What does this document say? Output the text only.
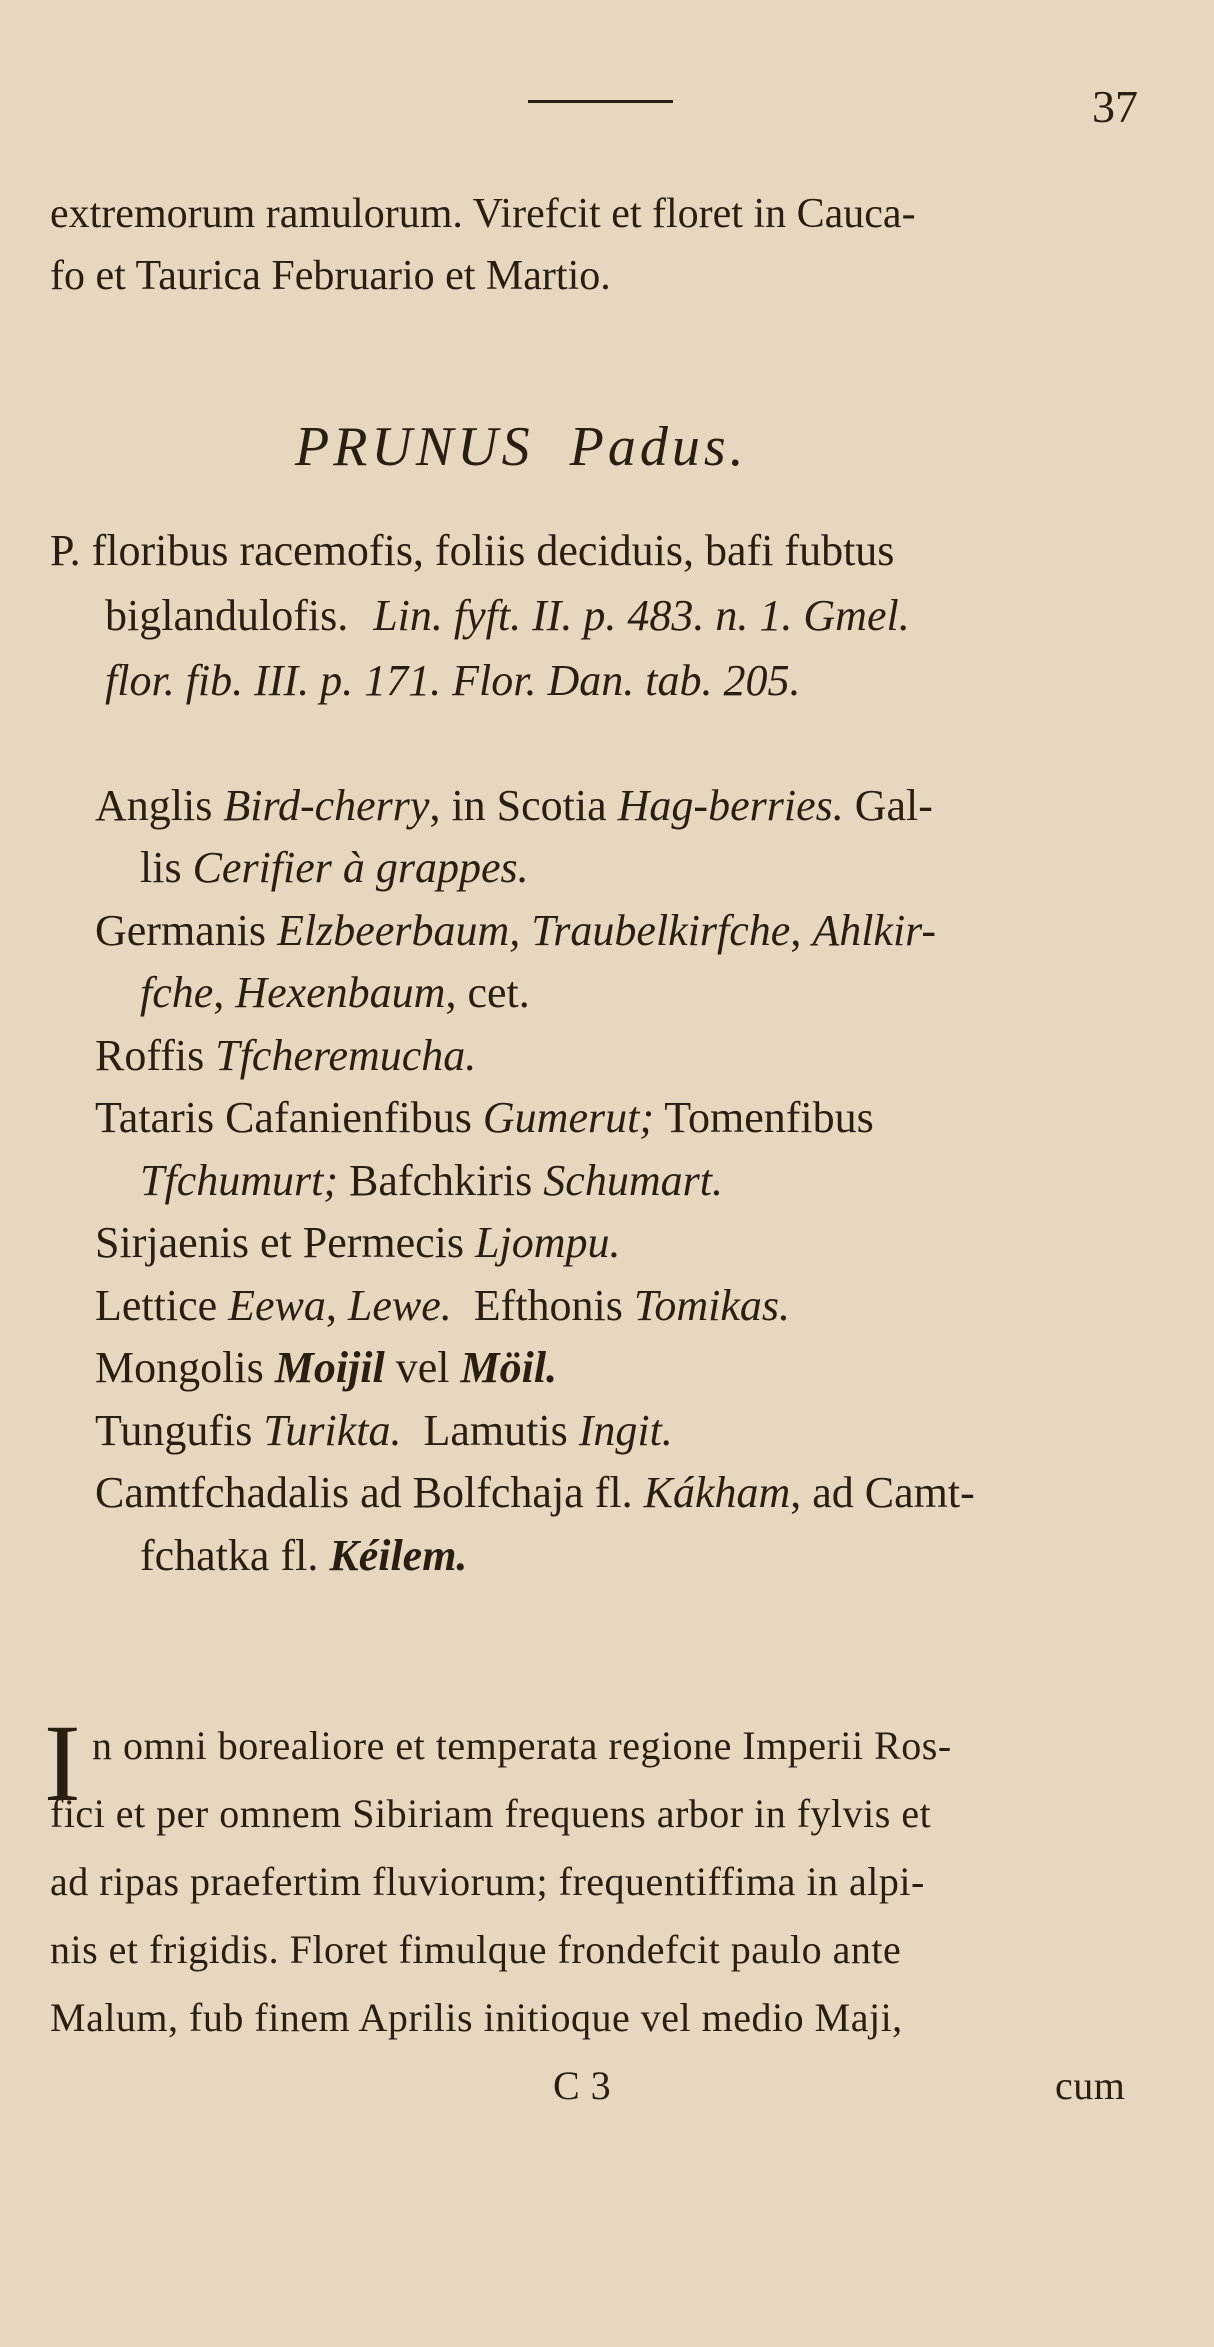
37
extremorum ramulorum. Virefcit et floret in Cauca-
fo et Taurica Februario et Martio.
PRUNUS Padus.
P. floribus racemofis, foliis deciduis, bafi fubtus
biglandulofis. Lin. fyft. II. p. 483. n. 1. Gmel.
flor. fib. III. p. 171. Flor. Dan. tab. 205.
Anglis Bird-cherry, in Scotia Hag-berries. Gal-
lis Cerifier à grappes.
Germanis Elzbeerbaum, Traubelkirfche, Ahlkir-
fche, Hexenbaum, cet.
Roffis Tfcheremucha.
Tataris Cafanienfibus Gumerut; Tomenfibus
Tfchumurt; Bafchkiris Schumart.
Sirjaenis et Permecis Ljompu.
Lettice Eewa, Lewe.  Efthonis Tomikas.
Mongolis Moijil vel Möil.
Tungufis Turikta.  Lamutis Ingit.
Camtfchadalis ad Bolfchaja fl. Kákham, ad Camt-
fchatka fl. Kéilem.
I n omni borealiore et temperata regione Imperii Ros-
fici et per omnem Sibiriam frequens arbor in fylvis et
ad ripas praefertim fluviorum; frequentiffima in alpi-
nis et frigidis. Floret fimulque frondefcit paulo ante
Malum, fub finem Aprilis initioque vel medio Maji,
C 3	cum
